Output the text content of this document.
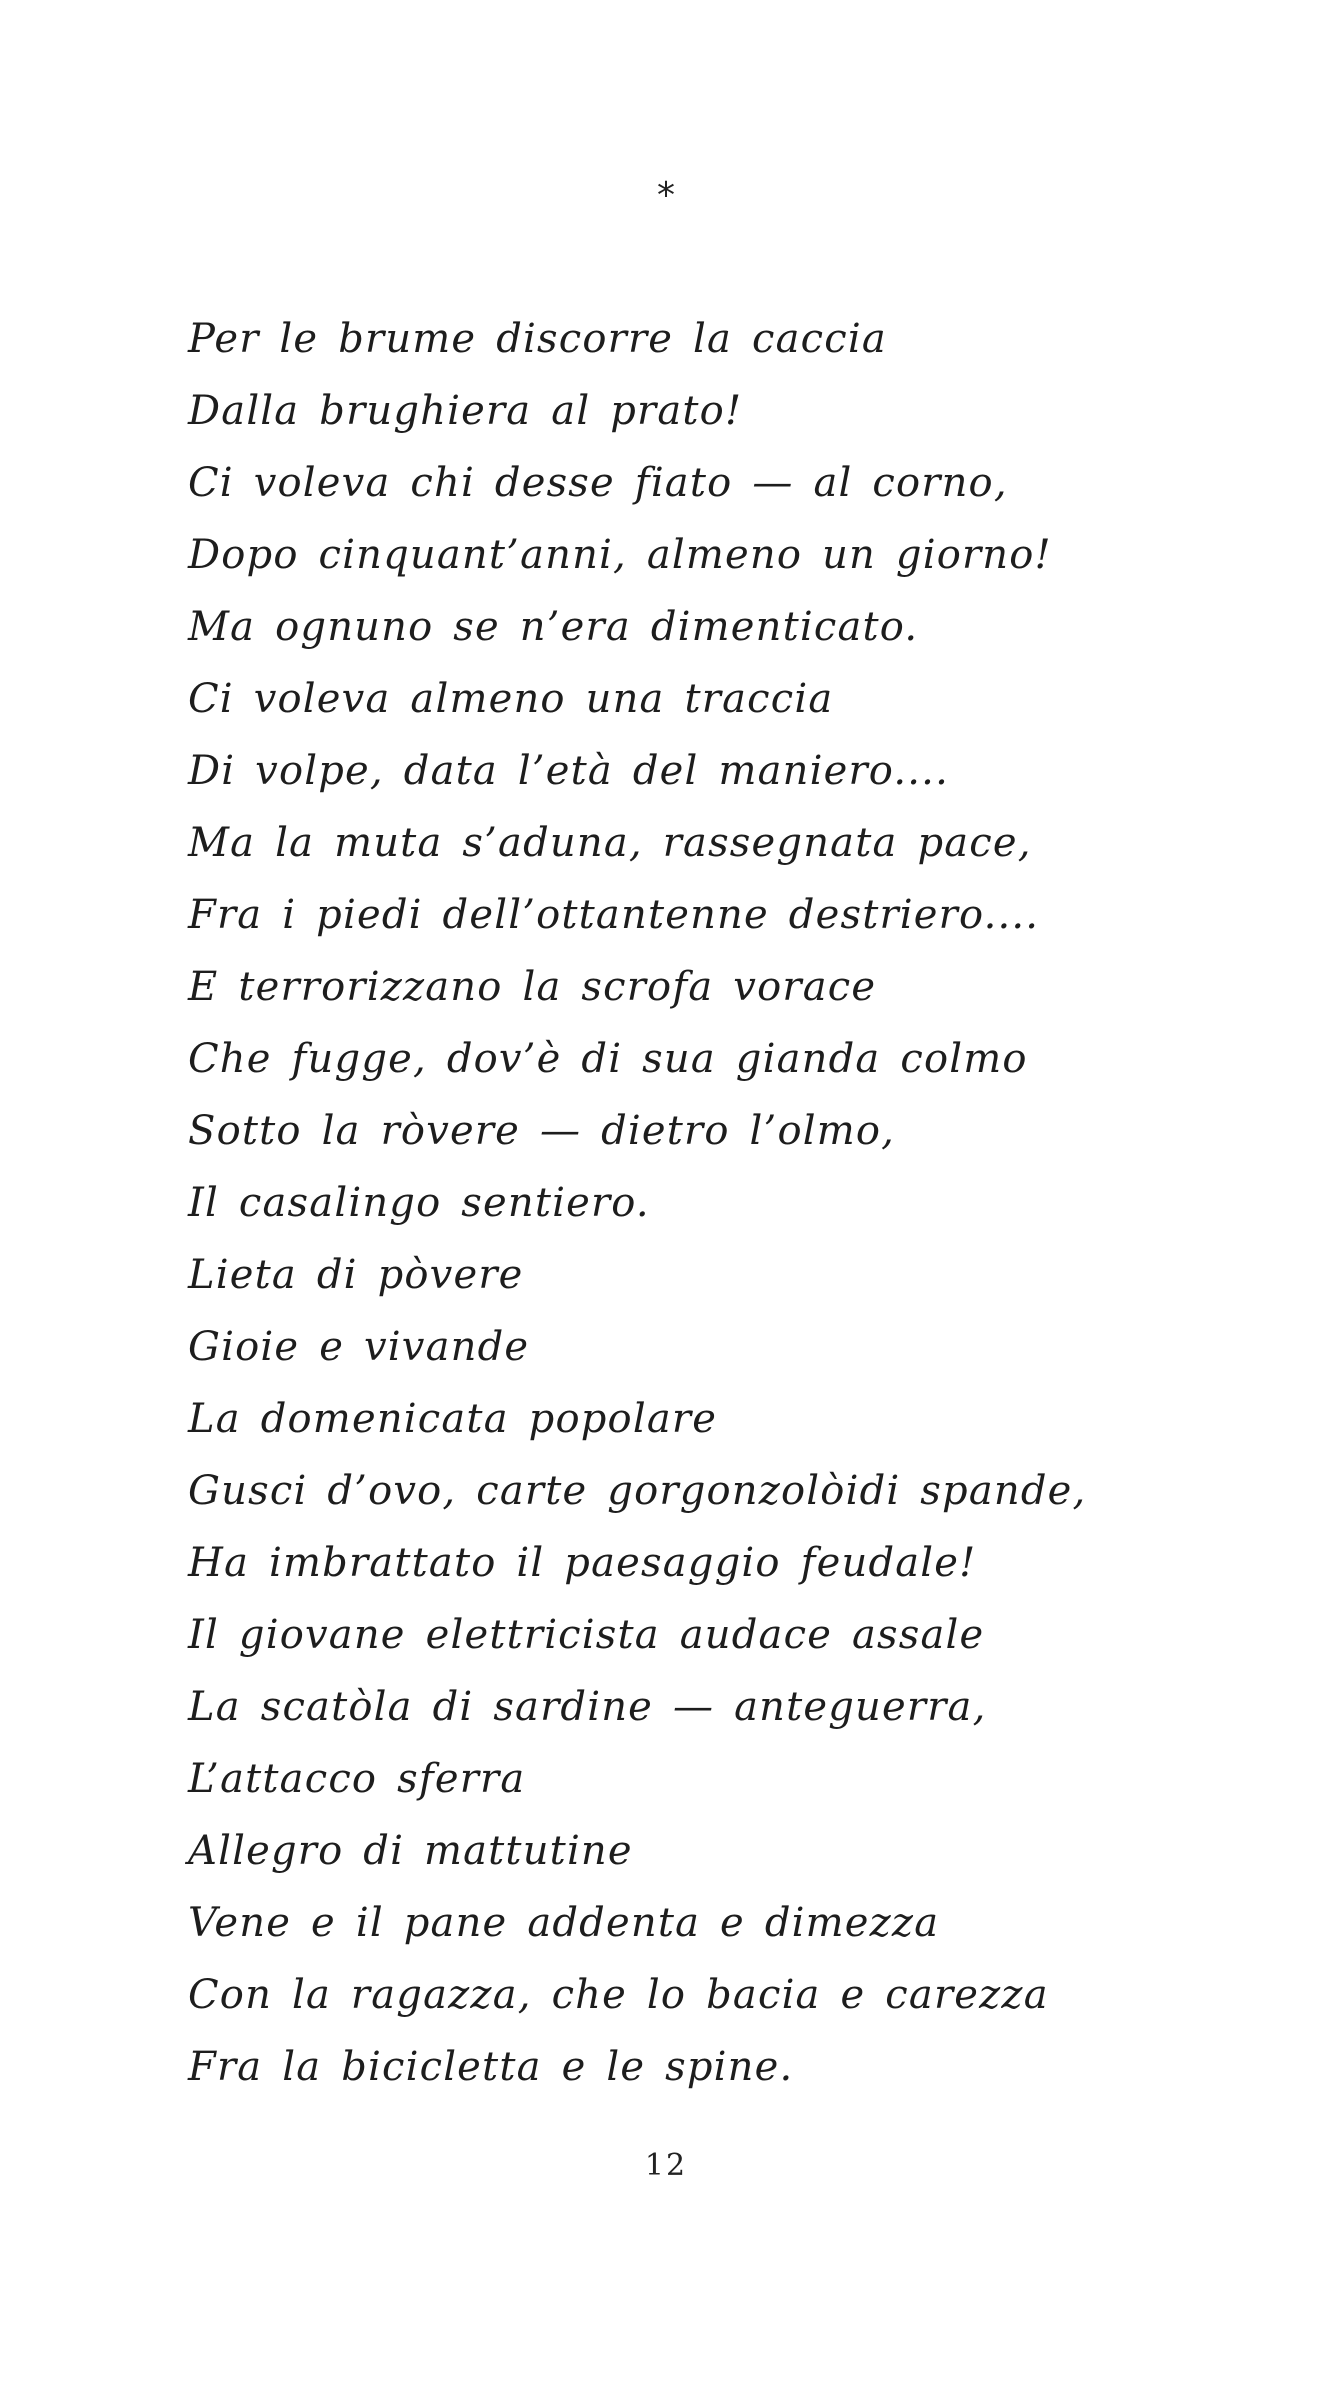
*
Per le brume discorre la caccia
Dalla brughiera al prato!
Ci voleva chi desse fiato — al corno,
Dopo cinquant’anni, almeno un giorno!
Ma ognuno se n’era dimenticato.
Ci voleva almeno una traccia
Di volpe, data l’età del maniero....
Ma la muta s’aduna, rassegnata pace,
Fra i piedi dell’ottantenne destriero....
E terrorizzano la scrofa vorace
Che fugge, dov’è di sua gianda colmo
Sotto la ròvere — dietro l’olmo,
Il casalingo sentiero.
Lieta di pòvere
Gioie e vivande
La domenicata popolare
Gusci d’ovo, carte gorgonzolòidi spande,
Ha imbrattato il paesaggio feudale!
Il giovane elettricista audace assale
La scatòla di sardine — anteguerra,
L’attacco sferra
Allegro di mattutine
Vene e il pane addenta e dimezza
Con la ragazza, che lo bacia e carezza
Fra la bicicletta e le spine.
12
